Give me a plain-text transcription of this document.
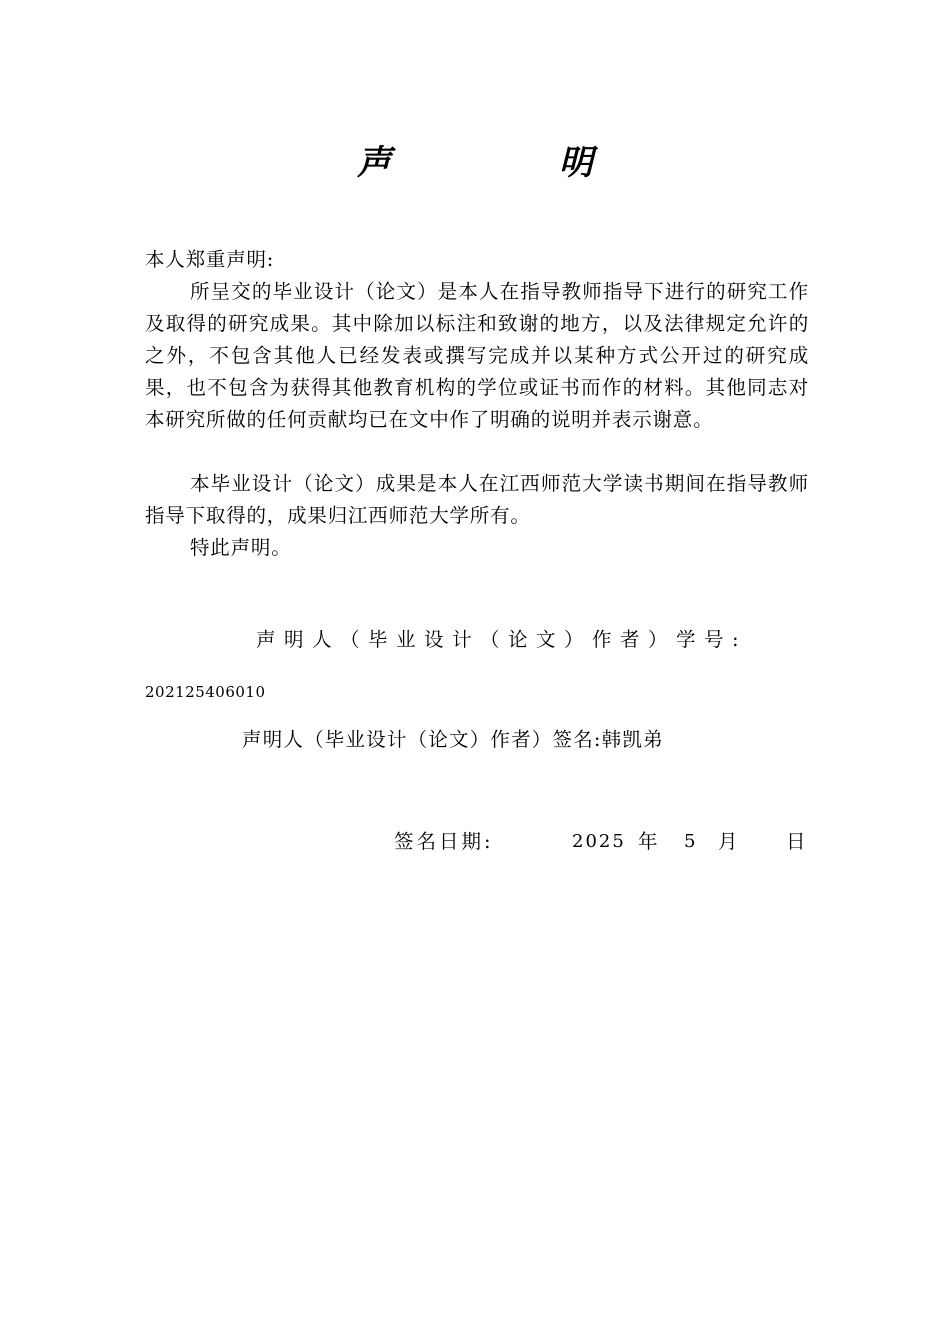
声 明
本人郑重声明:
所呈交的毕业设计（论文）是本人在指导教师指导下进行的研究工作及取得的研究成果。其中除加以标注和致谢的地方，以及法律规定允许的之外，不包含其他人已经发表或撰写完成并以某种方式公开过的研究成果，也不包含为获得其他教育机构的学位或证书而作的材料。其他同志对本研究所做的任何贡献均已在文中作了明确的说明并表示谢意。
本毕业设计（论文）成果是本人在江西师范大学读书期间在指导教师指导下取得的，成果归江西师范大学所有。
特此声明。
声明人（毕业设计（论文）作者）学号:
202125406010
声明人（毕业设计（论文）作者）签名:韩凯弟
签名日期:	2025 年 5 月 日
